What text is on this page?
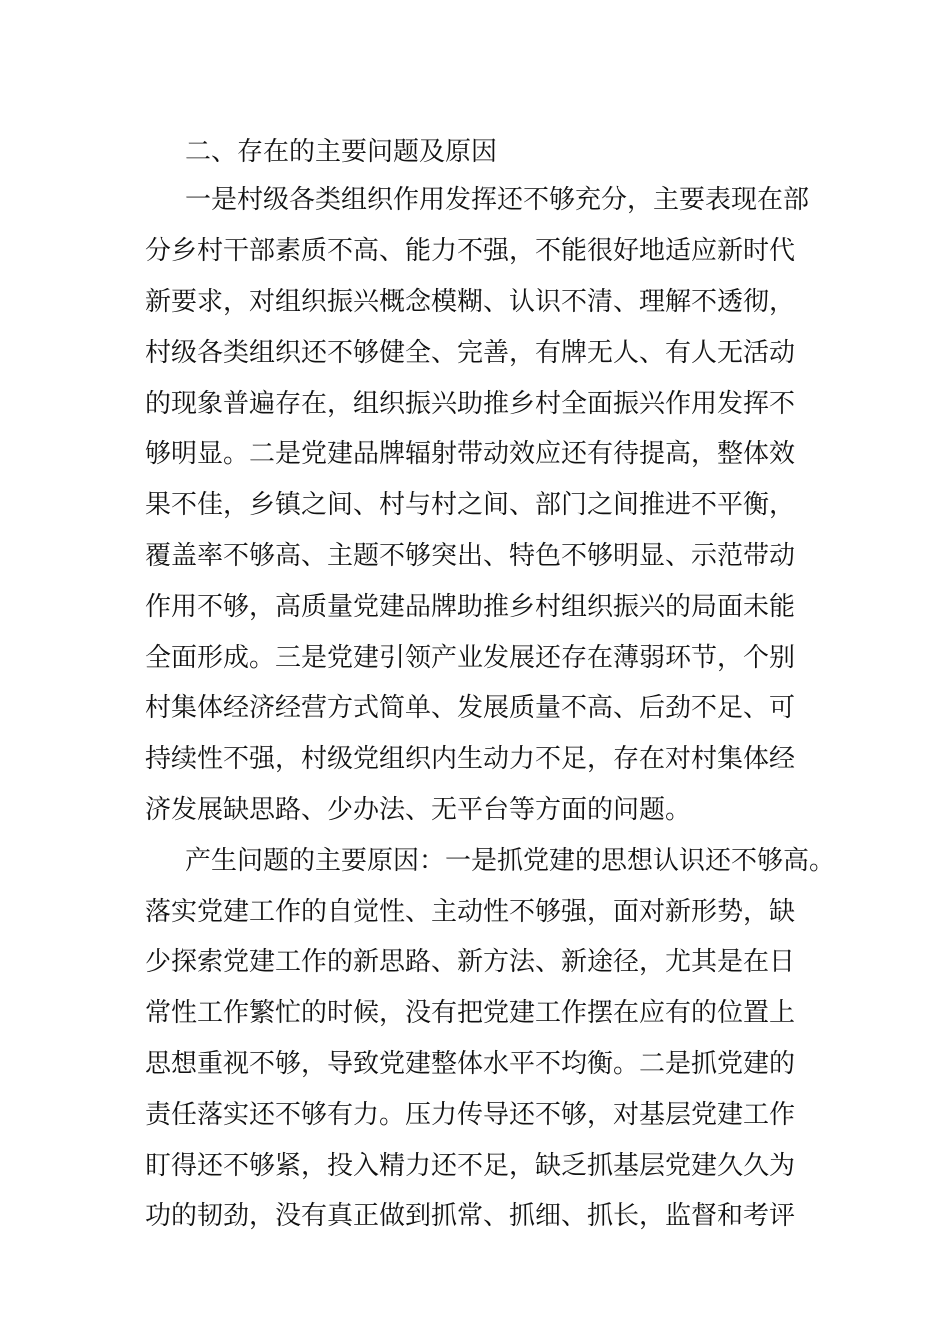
二、存在的主要问题及原因

一是村级各类组织作用发挥还不够充分，主要表现在部

分乡村干部素质不高、能力不强，不能很好地适应新时代

新要求，对组织振兴概念模糊、认识不清、理解不透彻，

村级各类组织还不够健全、完善，有牌无人、有人无活动

的现象普遍存在，组织振兴助推乡村全面振兴作用发挥不

够明显。二是党建品牌辐射带动效应还有待提高，整体效

果不佳，乡镇之间、村与村之间、部门之间推进不平衡，

覆盖率不够高、主题不够突出、特色不够明显、示范带动

作用不够，高质量党建品牌助推乡村组织振兴的局面未能

全面形成。三是党建引领产业发展还存在薄弱环节，个别

村集体经济经营方式简单、发展质量不高、后劲不足、可

持续性不强，村级党组织内生动力不足，存在对村集体经

济发展缺思路、少办法、无平台等方面的问题。

产生问题的主要原因：一是抓党建的思想认识还不够高。

落实党建工作的自觉性、主动性不够强，面对新形势，缺

少探索党建工作的新思路、新方法、新途径，尤其是在日

常性工作繁忙的时候，没有把党建工作摆在应有的位置上

思想重视不够，导致党建整体水平不均衡。二是抓党建的

责任落实还不够有力。压力传导还不够，对基层党建工作

盯得还不够紧，投入精力还不足，缺乏抓基层党建久久为

功的韧劲，没有真正做到抓常、抓细、抓长，监督和考评
